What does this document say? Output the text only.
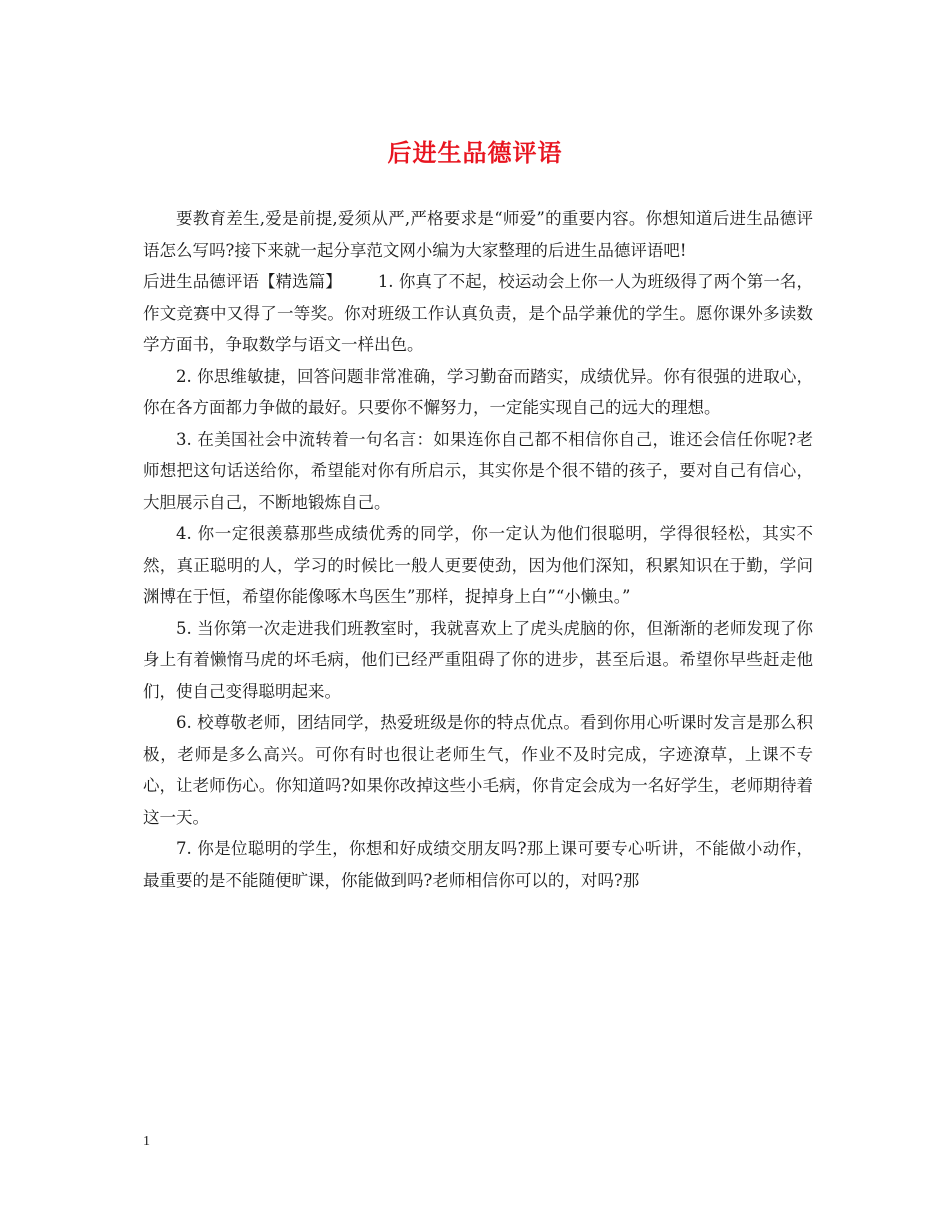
后进生品德评语

要教育差生,爱是前提,爱须从严,严格要求是“师爱”的重要内容。你想知道后进生品德评语怎么写吗?接下来就一起分享范文网小编为大家整理的后进生品德评语吧!

后进生品德评语【精选篇】 1. 你真了不起，校运动会上你一人为班级得了两个第一名，作文竞赛中又得了一等奖。你对班级工作认真负责，是个品学兼优的学生。愿你课外多读数学方面书，争取数学与语文一样出色。

2. 你思维敏捷，回答问题非常准确，学习勤奋而踏实，成绩优异。你有很强的进取心，你在各方面都力争做的最好。只要你不懈努力，一定能实现自己的远大的理想。

3. 在美国社会中流转着一句名言：如果连你自己都不相信你自己，谁还会信任你呢?老师想把这句话送给你，希望能对你有所启示，其实你是个很不错的孩子，要对自己有信心，大胆展示自己，不断地锻炼自己。

4. 你一定很羡慕那些成绩优秀的同学，你一定认为他们很聪明，学得很轻松，其实不然，真正聪明的人，学习的时候比一般人更要使劲，因为他们深知，积累知识在于勤，学问渊博在于恒，希望你能像啄木鸟医生”那样，捉掉身上白”“小懒虫。”

5. 当你第一次走进我们班教室时，我就喜欢上了虎头虎脑的你，但渐渐的老师发现了你身上有着懒惰马虎的坏毛病，他们已经严重阻碍了你的进步，甚至后退。希望你早些赶走他们，使自己变得聪明起来。

6. 校尊敬老师，团结同学，热爱班级是你的特点优点。看到你用心听课时发言是那么积极，老师是多么高兴。可你有时也很让老师生气，作业不及时完成，字迹潦草，上课不专心，让老师伤心。你知道吗?如果你改掉这些小毛病，你肯定会成为一名好学生，老师期待着这一天。

7. 你是位聪明的学生，你想和好成绩交朋友吗?那上课可要专心听讲，不能做小动作，最重要的是不能随便旷课，你能做到吗?老师相信你可以的，对吗?那

1
